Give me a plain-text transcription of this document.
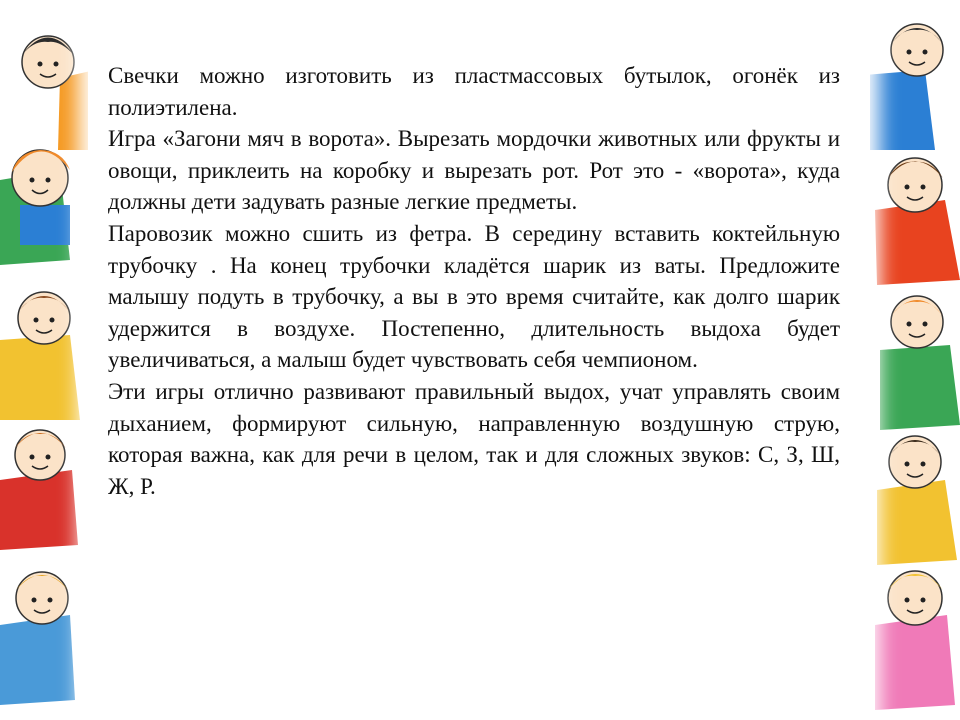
Свечки можно изготовить из пластмассовых бутылок, огонёк из полиэтилена.

Игра «Загони мяч в ворота». Вырезать мордочки животных или фрукты и овощи, приклеить на коробку и вырезать рот. Рот это - «ворота», куда должны дети задувать разные легкие предметы.

Паровозик можно сшить из фетра. В середину вставить коктейльную трубочку . На конец трубочки кладётся шарик из ваты. Предложите малышу подуть в трубочку, а вы в это время считайте, как долго шарик удержится в воздухе. Постепенно, длительность выдоха будет увеличиваться, а малыш будет чувствовать себя чемпионом.

Эти игры отлично развивают правильный выдох, учат управлять своим дыханием, формируют сильную, направленную воздушную струю, которая важна, как для речи в целом, так и для сложных звуков: С, З, Ш, Ж, Р.
